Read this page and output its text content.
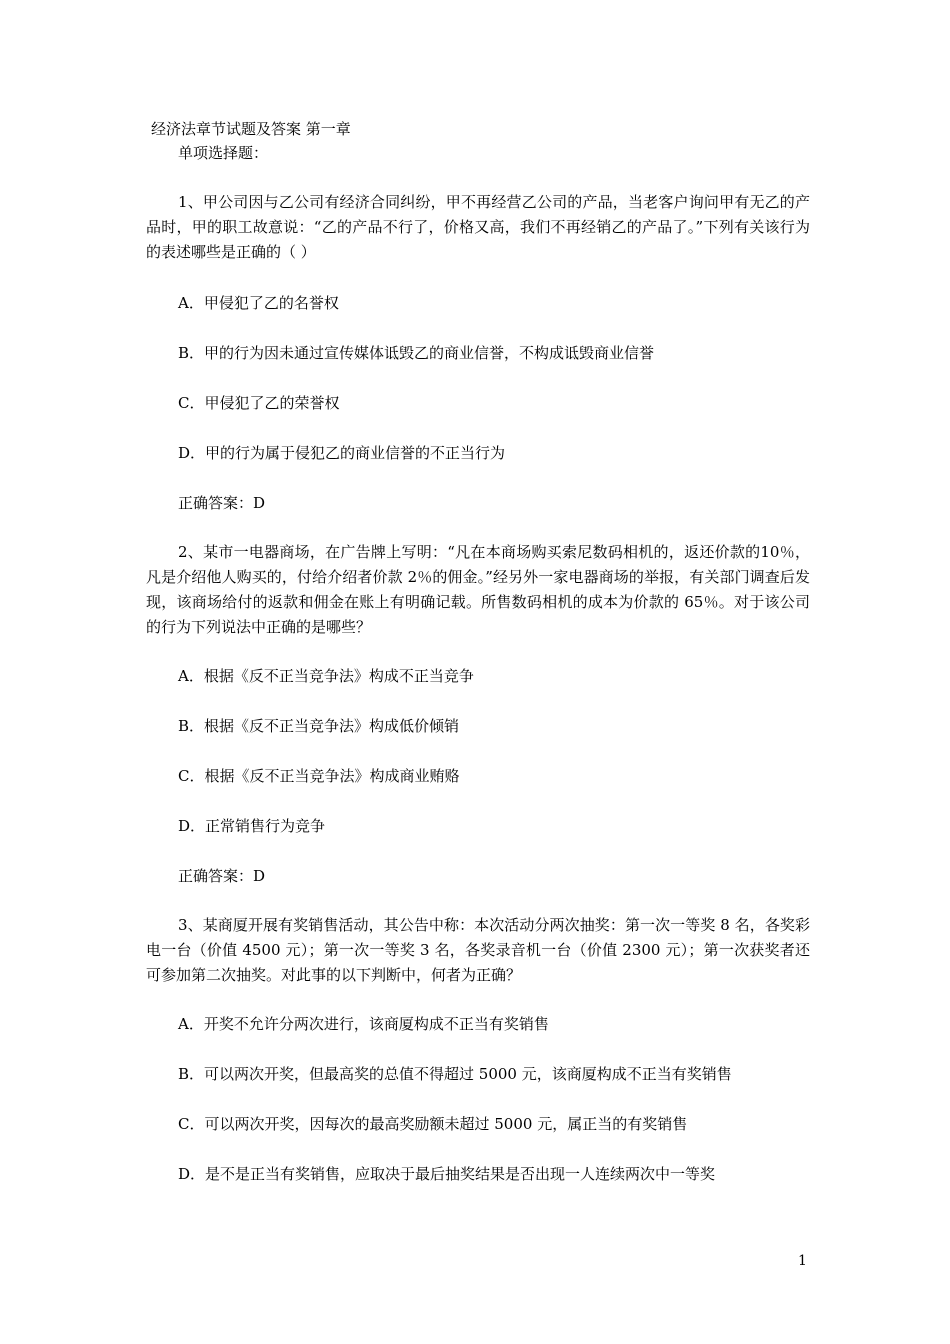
经济法章节试题及答案 第一章
单项选择题：
1、甲公司因与乙公司有经济合同纠纷，甲不再经营乙公司的产品，当老客户询问甲有无乙的产品时，甲的职工故意说：“乙的产品不行了，价格又高，我们不再经销乙的产品了。”下列有关该行为的表述哪些是正确的（ ）
A．甲侵犯了乙的名誉权
B．甲的行为因未通过宣传媒体诋毁乙的商业信誉，不构成诋毁商业信誉
C．甲侵犯了乙的荣誉权
D．甲的行为属于侵犯乙的商业信誉的不正当行为
正确答案：D
2、某市一电器商场，在广告牌上写明：“凡在本商场购买索尼数码相机的，返还价款的10％，凡是介绍他人购买的，付给介绍者价款 2％的佣金。”经另外一家电器商场的举报，有关部门调查后发现，该商场给付的返款和佣金在账上有明确记载。所售数码相机的成本为价款的 65％。对于该公司的行为下列说法中正确的是哪些？
A．根据《反不正当竞争法》构成不正当竞争
B．根据《反不正当竞争法》构成低价倾销
C．根据《反不正当竞争法》构成商业贿赂
D．正常销售行为竞争
正确答案：D
3、某商厦开展有奖销售活动，其公告中称：本次活动分两次抽奖：第一次一等奖 8 名，各奖彩电一台（价值 4500 元）；第一次一等奖 3 名，各奖录音机一台（价值 2300 元）；第一次获奖者还可参加第二次抽奖。对此事的以下判断中，何者为正确？
A．开奖不允许分两次进行，该商厦构成不正当有奖销售
B．可以两次开奖，但最高奖的总值不得超过 5000 元，该商厦构成不正当有奖销售
C．可以两次开奖，因每次的最高奖励额未超过 5000 元，属正当的有奖销售
D．是不是正当有奖销售，应取决于最后抽奖结果是否出现一人连续两次中一等奖
1
